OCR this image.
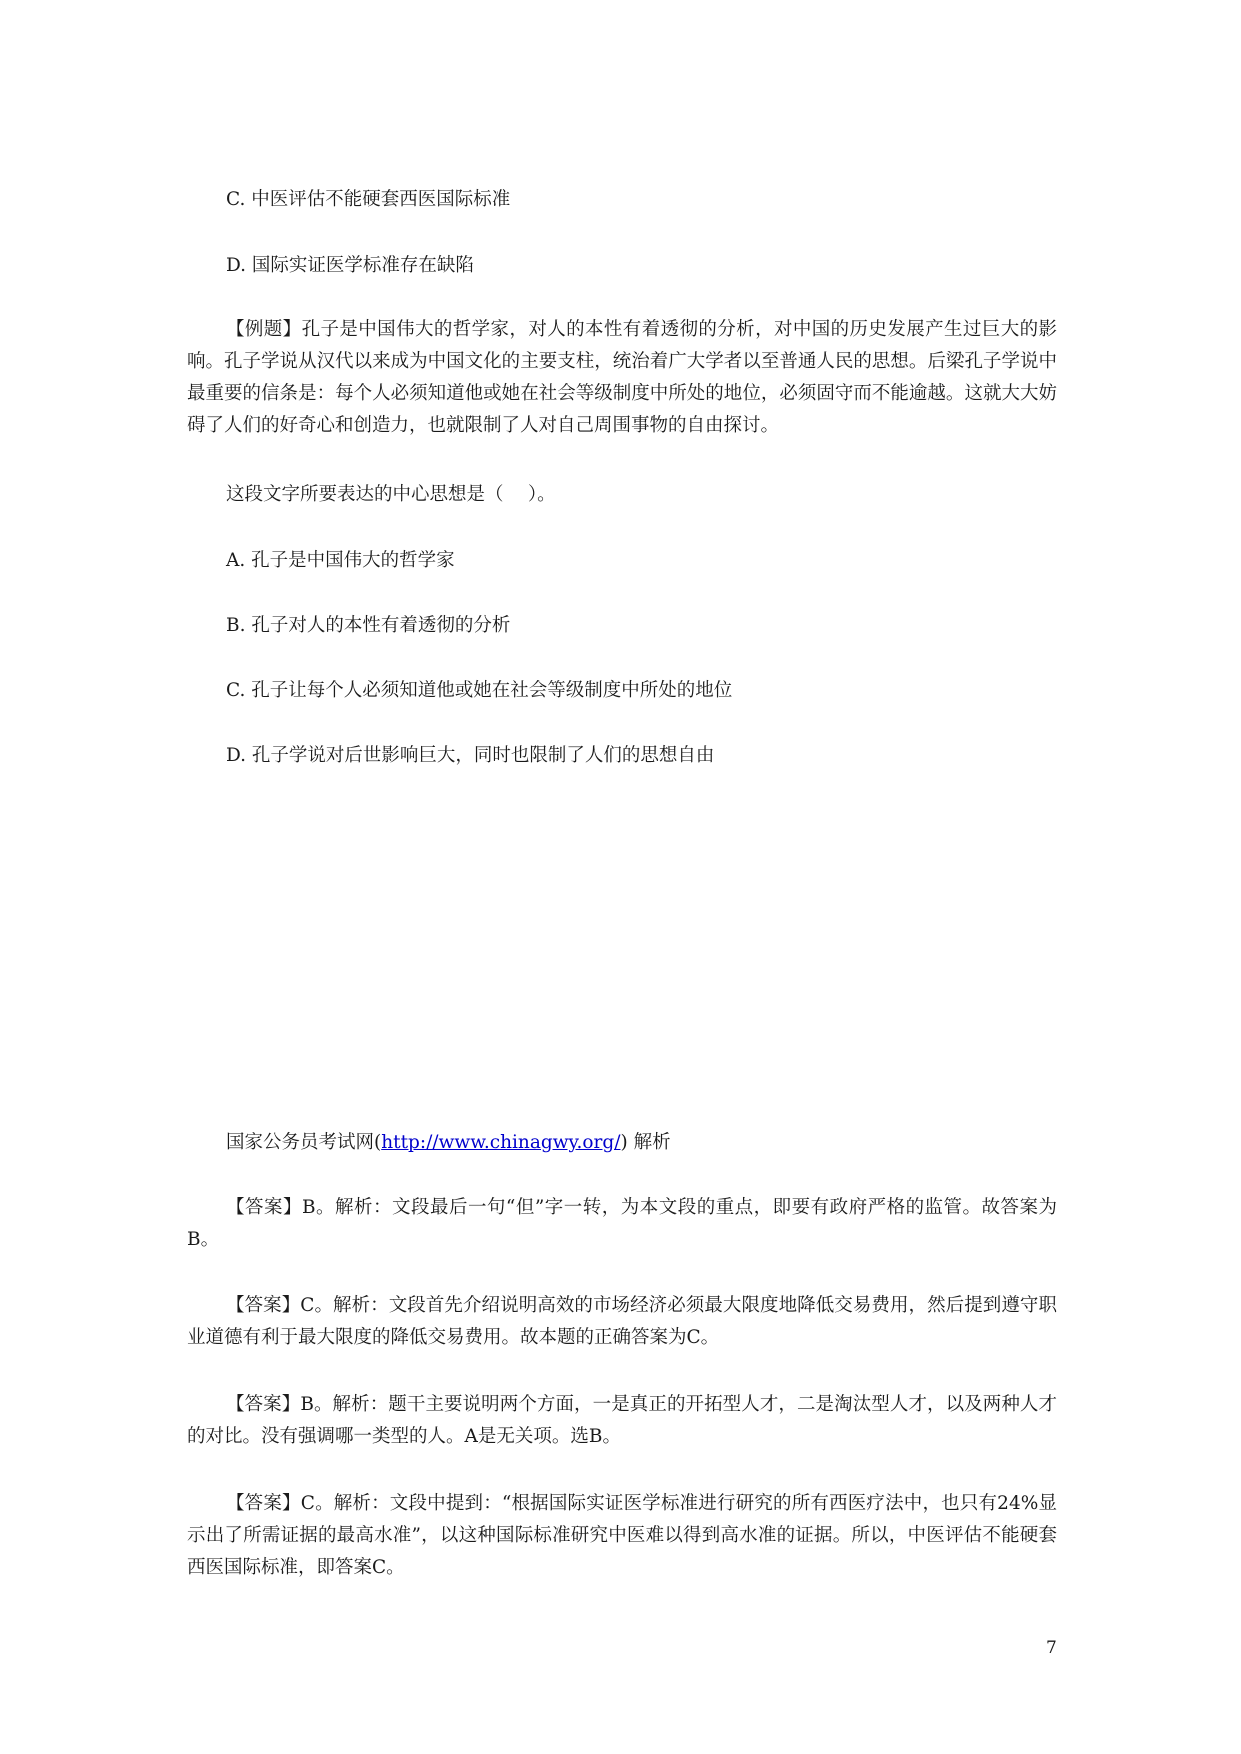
C. 中医评估不能硬套西医国际标准
D. 国际实证医学标准存在缺陷
【例题】孔子是中国伟大的哲学家，对人的本性有着透彻的分析，对中国的历史发展产生过巨大的影响。孔子学说从汉代以来成为中国文化的主要支柱，统治着广大学者以至普通人民的思想。后梁孔子学说中最重要的信条是：每个人必须知道他或她在社会等级制度中所处的地位，必须固守而不能逾越。这就大大妨碍了人们的好奇心和创造力，也就限制了人对自己周围事物的自由探讨。
这段文字所要表达的中心思想是（　 ）。
A. 孔子是中国伟大的哲学家
B. 孔子对人的本性有着透彻的分析
C. 孔子让每个人必须知道他或她在社会等级制度中所处的地位
D. 孔子学说对后世影响巨大，同时也限制了人们的思想自由
国家公务员考试网(http://www.chinagwy.org/) 解析
【答案】B。解析：文段最后一句“但”字一转，为本文段的重点，即要有政府严格的监管。故答案为B。
【答案】C。解析：文段首先介绍说明高效的市场经济必须最大限度地降低交易费用，然后提到遵守职业道德有利于最大限度的降低交易费用。故本题的正确答案为C。
【答案】B。解析：题干主要说明两个方面，一是真正的开拓型人才，二是淘汰型人才，以及两种人才的对比。没有强调哪一类型的人。A是无关项。选B。
【答案】C。解析：文段中提到：“根据国际实证医学标准进行研究的所有西医疗法中，也只有24%显示出了所需证据的最高水准”，以这种国际标准研究中医难以得到高水准的证据。所以，中医评估不能硬套西医国际标准，即答案C。
7
